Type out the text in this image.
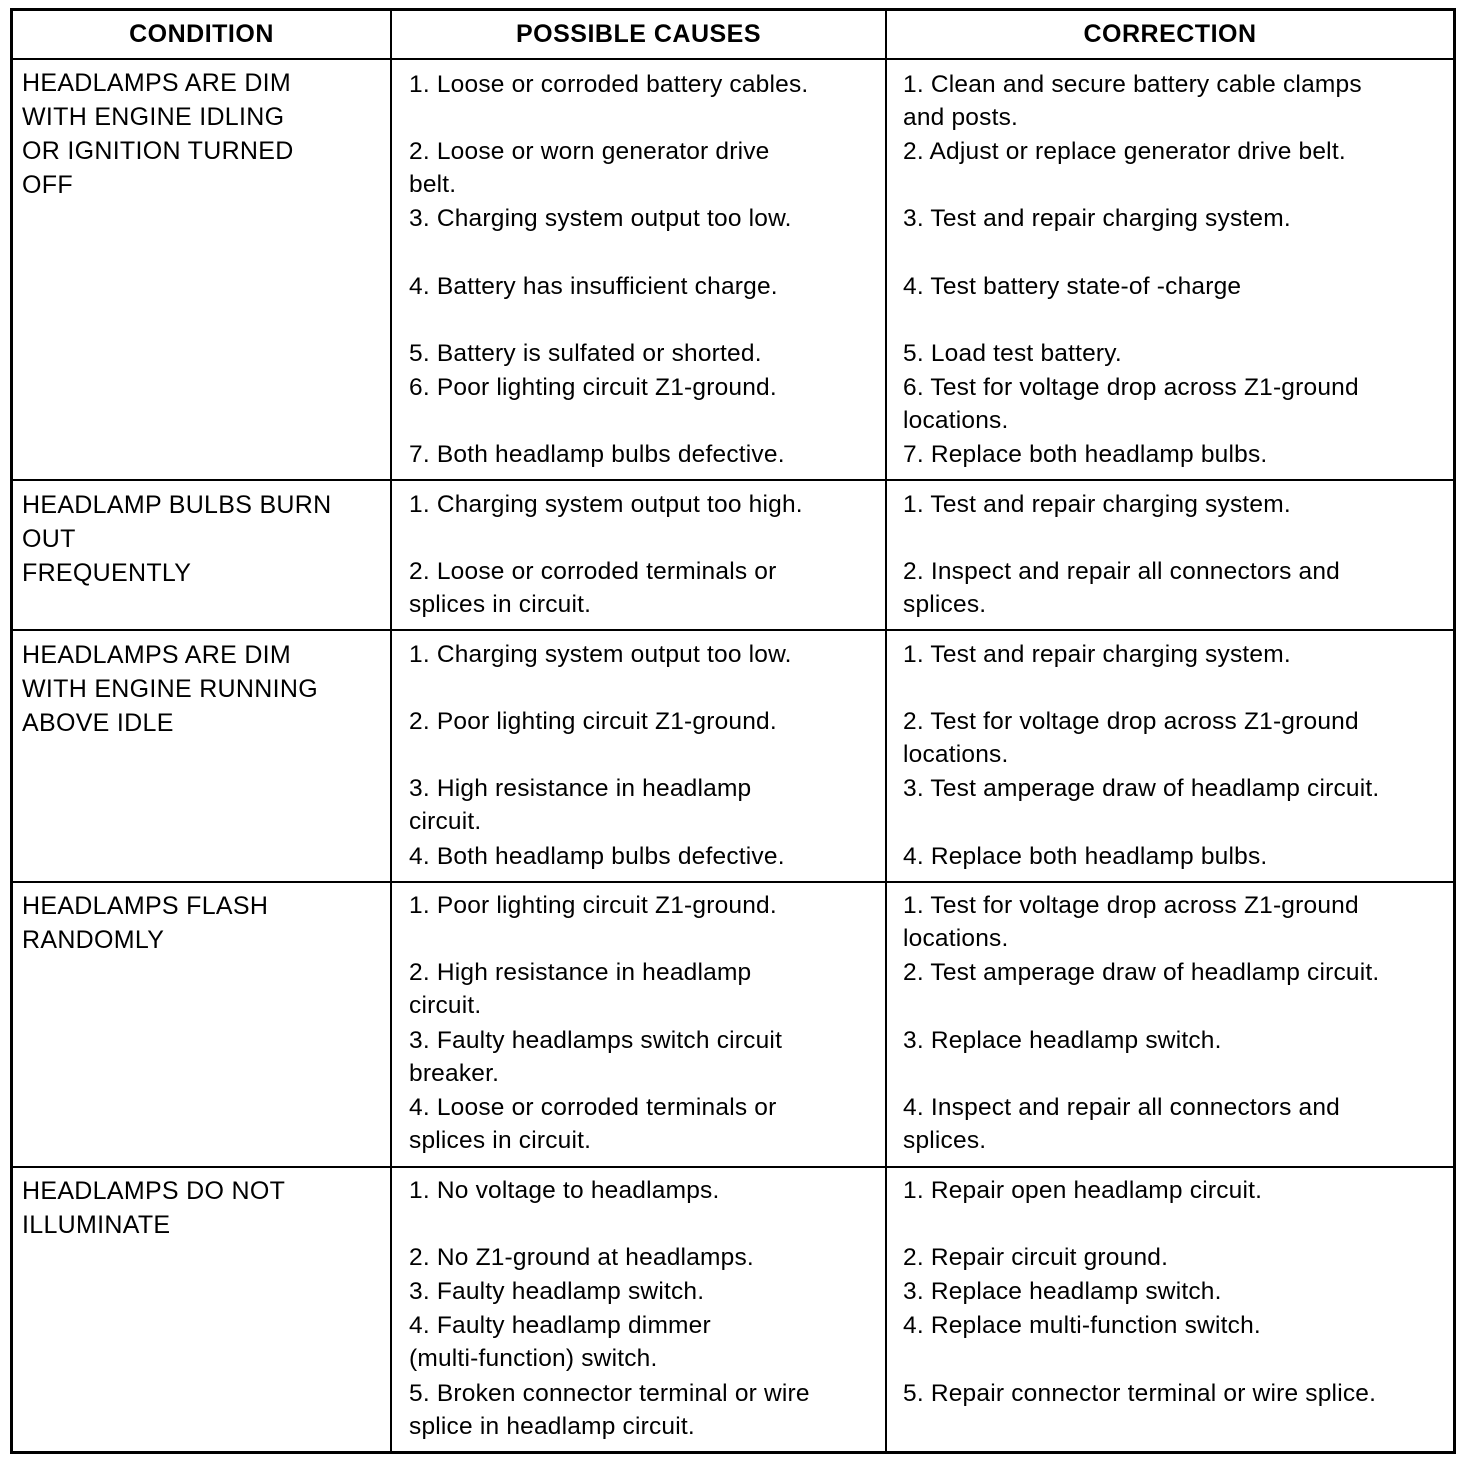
CONDITION	POSSIBLE CAUSES	CORRECTION
HEADLAMPS ARE DIM
WITH ENGINE IDLING
OR IGNITION TURNED
OFF
1. Loose or corroded battery cables.
2. Loose or worn generator drive
belt.
3. Charging system output too low.
4. Battery has insufficient charge.
5. Battery is sulfated or shorted.
6. Poor lighting circuit Z1-ground.
7. Both headlamp bulbs defective.
1. Clean and secure battery cable clamps
and posts.
2. Adjust or replace generator drive belt.
3. Test and repair charging system.
4. Test battery state-of -charge
5. Load test battery.
6. Test for voltage drop across Z1-ground
locations.
7. Replace both headlamp bulbs.
HEADLAMP BULBS BURN
OUT
FREQUENTLY
1. Charging system output too high.
2. Loose or corroded terminals or
splices in circuit.
1. Test and repair charging system.
2. Inspect and repair all connectors and
splices.
HEADLAMPS ARE DIM
WITH ENGINE RUNNING
ABOVE IDLE
1. Charging system output too low.
2. Poor lighting circuit Z1-ground.
3. High resistance in headlamp
circuit.
4. Both headlamp bulbs defective.
1. Test and repair charging system.
2. Test for voltage drop across Z1-ground
locations.
3. Test amperage draw of headlamp circuit.
4. Replace both headlamp bulbs.
HEADLAMPS FLASH
RANDOMLY
1. Poor lighting circuit Z1-ground.
2. High resistance in headlamp
circuit.
3. Faulty headlamps switch circuit
breaker.
4. Loose or corroded terminals or
splices in circuit.
1. Test for voltage drop across Z1-ground
locations.
2. Test amperage draw of headlamp circuit.
3. Replace headlamp switch.
4. Inspect and repair all connectors and
splices.
HEADLAMPS DO NOT
ILLUMINATE
1. No voltage to headlamps.
2. No Z1-ground at headlamps.
3. Faulty headlamp switch.
4. Faulty headlamp dimmer
(multi-function) switch.
5. Broken connector terminal or wire
splice in headlamp circuit.
1. Repair open headlamp circuit.
2. Repair circuit ground.
3. Replace headlamp switch.
4. Replace multi-function switch.
5. Repair connector terminal or wire splice.
